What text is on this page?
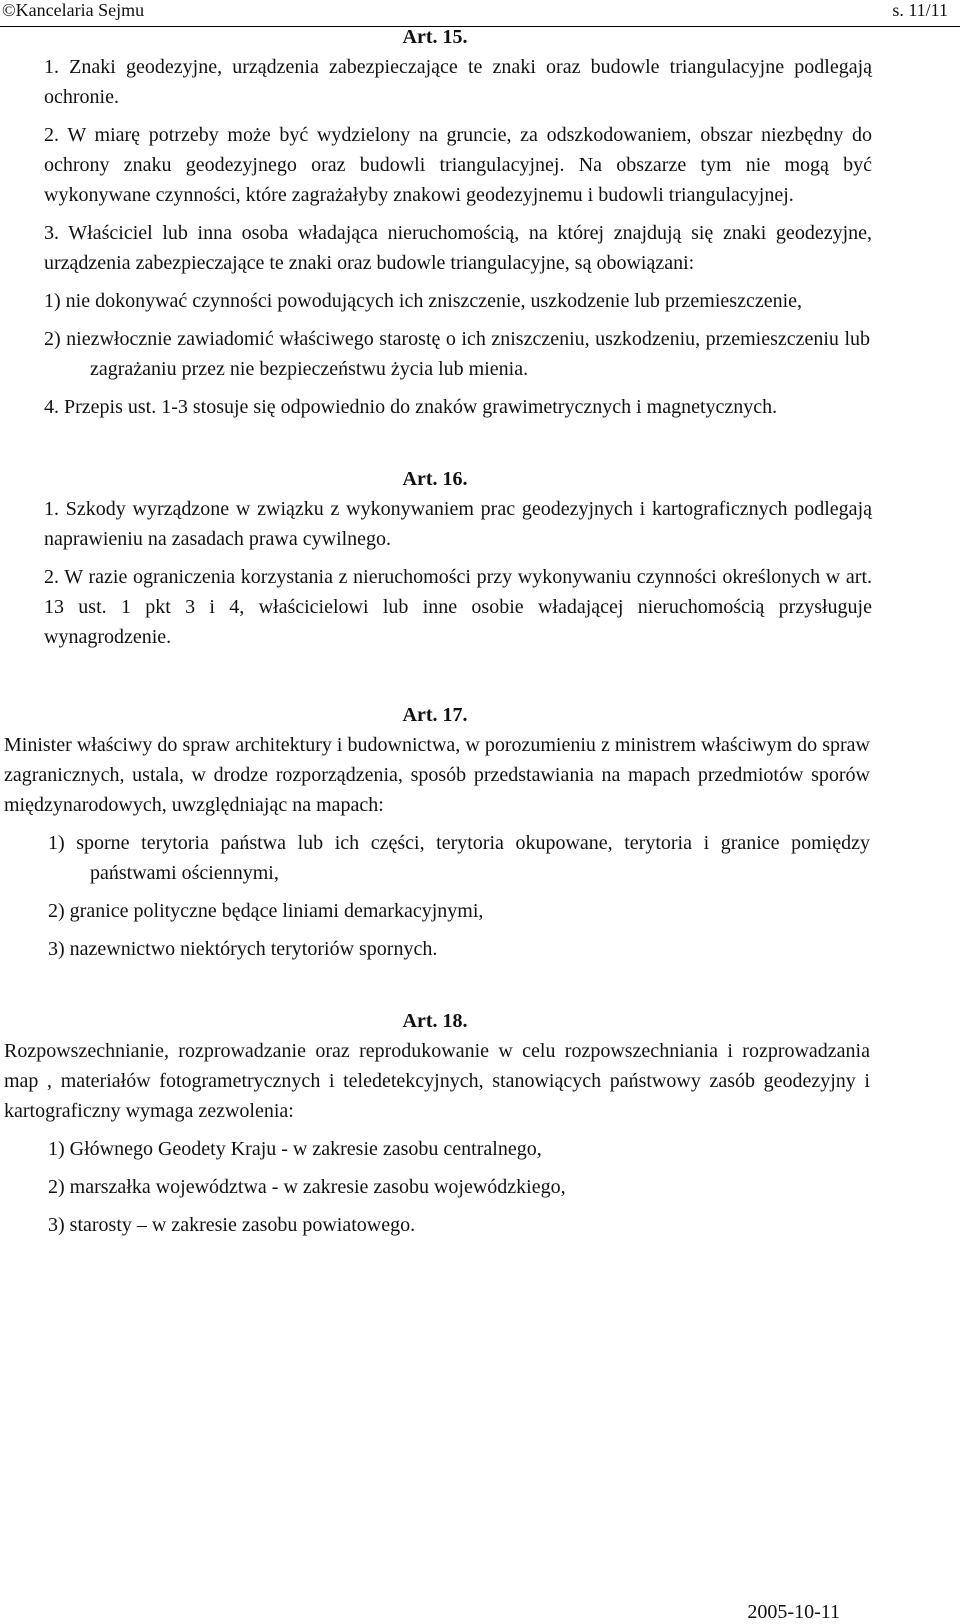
©Kancelaria Sejmu	s. 11/11
Art. 15.
1. Znaki geodezyjne, urządzenia zabezpieczające te znaki oraz budowle triangulacyjne podlegają ochronie.
2. W miarę potrzeby może być wydzielony na gruncie, za odszkodowaniem, obszar niezbędny do ochrony znaku geodezyjnego oraz budowli triangulacyjnej. Na obszarze tym nie mogą być wykonywane czynności, które zagrażałyby znakowi geodezyjnemu i budowli triangulacyjnej.
3. Właściciel lub inna osoba władająca nieruchomością, na której znajdują się znaki geodezyjne, urządzenia zabezpieczające te znaki oraz budowle triangulacyjne, są obowiązani:
1) nie dokonywać czynności powodujących ich zniszczenie, uszkodzenie lub przemieszczenie,
2) niezwłocznie zawiadomić właściwego starostę o ich zniszczeniu, uszkodzeniu, przemieszczeniu lub zagrażaniu przez nie bezpieczeństwu życia lub mienia.
4. Przepis ust. 1-3 stosuje się odpowiednio do znaków grawimetrycznych i magnetycznych.
Art. 16.
1. Szkody wyrządzone w związku z wykonywaniem prac geodezyjnych i kartograficznych podlegają naprawieniu na zasadach prawa cywilnego.
2. W razie ograniczenia korzystania z nieruchomości przy wykonywaniu czynności określonych w art. 13 ust. 1 pkt 3 i 4, właścicielowi lub inne osobie władającej nieruchomością przysługuje wynagrodzenie.
Art. 17.
Minister właściwy do spraw architektury i budownictwa, w porozumieniu z ministrem właściwym do spraw zagranicznych, ustala, w drodze rozporządzenia, sposób przedstawiania na mapach przedmiotów sporów międzynarodowych, uwzględniając na mapach:
1) sporne terytoria państwa lub ich części, terytoria okupowane, terytoria i granice pomiędzy państwami ościennymi,
2) granice polityczne będące liniami demarkacyjnymi,
3) nazewnictwo niektórych terytoriów spornych.
Art. 18.
Rozpowszechnianie, rozprowadzanie oraz reprodukowanie w celu rozpowszechniania i rozprowadzania map , materiałów fotogrametrycznych i teledetekcyjnych, stanowiących państwowy zasób geodezyjny i kartograficzny wymaga zezwolenia:
1) Głównego Geodety Kraju - w zakresie zasobu centralnego,
2) marszałka województwa - w zakresie zasobu wojewódzkiego,
3) starosty – w zakresie zasobu powiatowego.
2005-10-11
